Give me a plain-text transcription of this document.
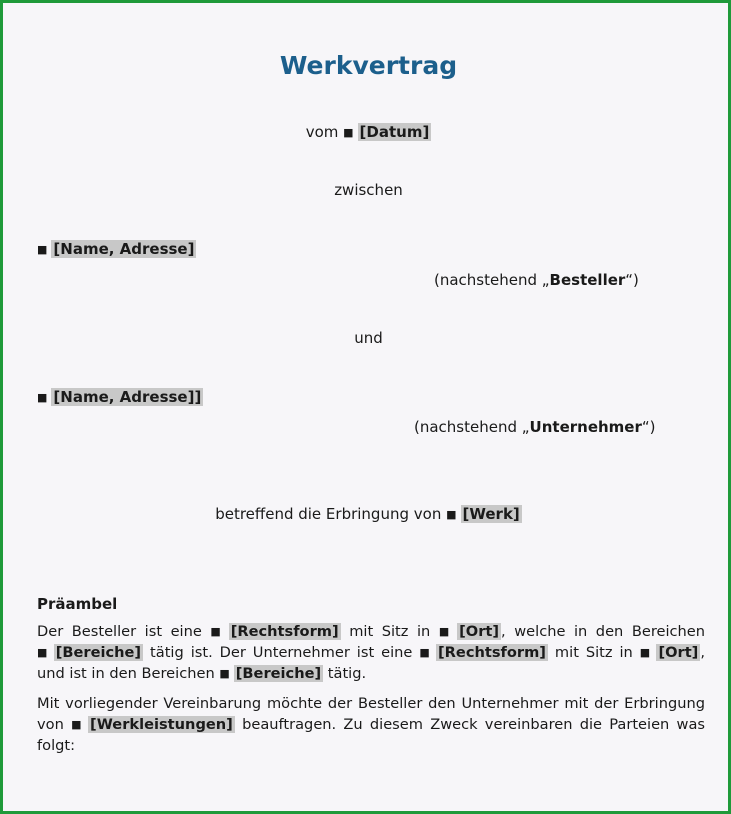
Werkvertrag
vom ■ [Datum]
zwischen
■ [Name, Adresse]
(nachstehend „Besteller“)
und
■ [Name, Adresse]]
(nachstehend „Unternehmer“)
betreffend die Erbringung von ■ [Werk]
Präambel
Der Besteller ist eine ■ [Rechtsform] mit Sitz in ■ [Ort] , welche in den Bereichen ■ [Bereiche] tätig ist. Der Unternehmer ist eine ■ [Rechtsform] mit Sitz in ■ [Ort] , und ist in den Bereichen ■ [Bereiche] tätig.
Mit vorliegender Vereinbarung möchte der Besteller den Unternehmer mit der Erbringung von ■ [Werkleistungen] beauftragen. Zu diesem Zweck vereinbaren die Parteien was folgt:
